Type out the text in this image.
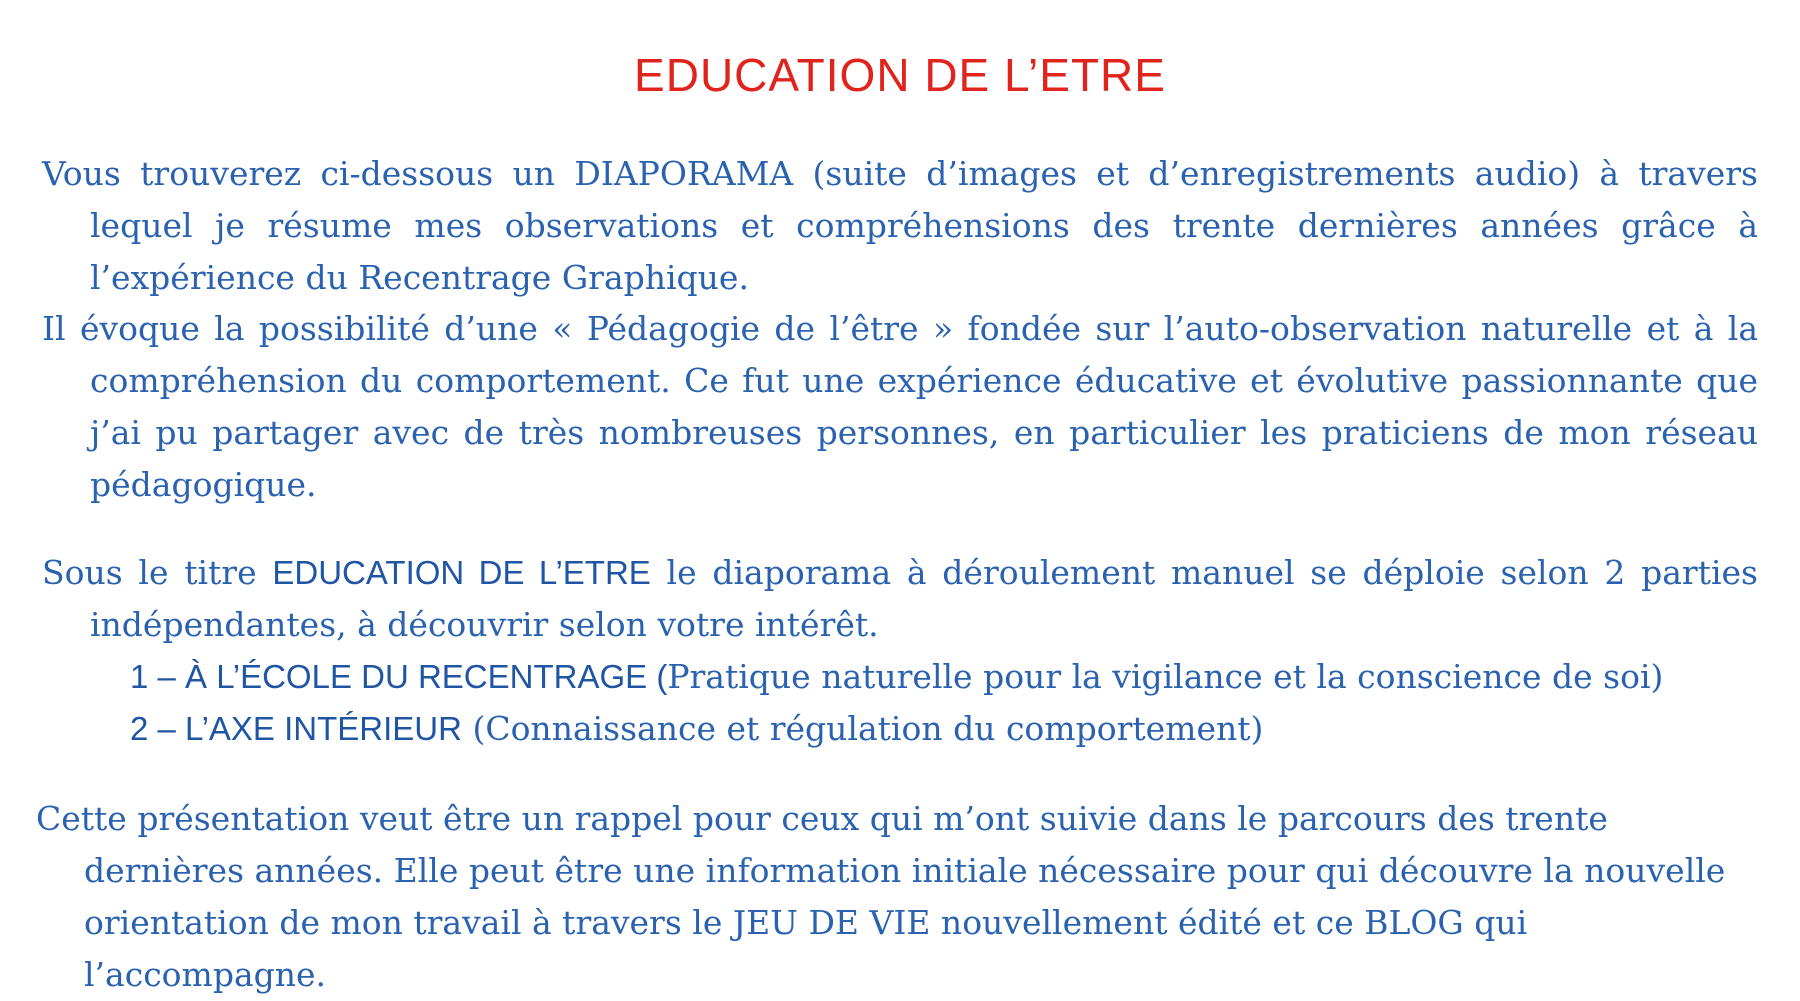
EDUCATION DE L’ETRE
Vous trouverez ci-dessous un DIAPORAMA (suite d’images et d’enregistrements audio) à travers lequel je résume mes observations et compréhensions des trente dernières années grâce à l’expérience du Recentrage Graphique.
Il évoque la possibilité d’une « Pédagogie de l’être » fondée sur l’auto-observation naturelle et à la compréhension du comportement. Ce fut une expérience éducative et évolutive passionnante que j’ai pu partager avec de très nombreuses personnes, en particulier les praticiens de mon réseau pédagogique.
Sous le titre EDUCATION DE L’ETRE le diaporama à déroulement manuel se déploie selon 2 parties indépendantes, à découvrir selon votre intérêt.
1 – À L’ÉCOLE DU RECENTRAGE (Pratique naturelle pour la vigilance et la conscience de soi)
2 – L’AXE INTÉRIEUR (Connaissance et régulation du comportement)
Cette présentation veut être un rappel pour ceux qui m’ont suivie dans le parcours des trente dernières années. Elle peut être une information initiale nécessaire pour qui découvre la nouvelle orientation de mon travail à travers le JEU DE VIE nouvellement édité et ce BLOG qui l’accompagne.
